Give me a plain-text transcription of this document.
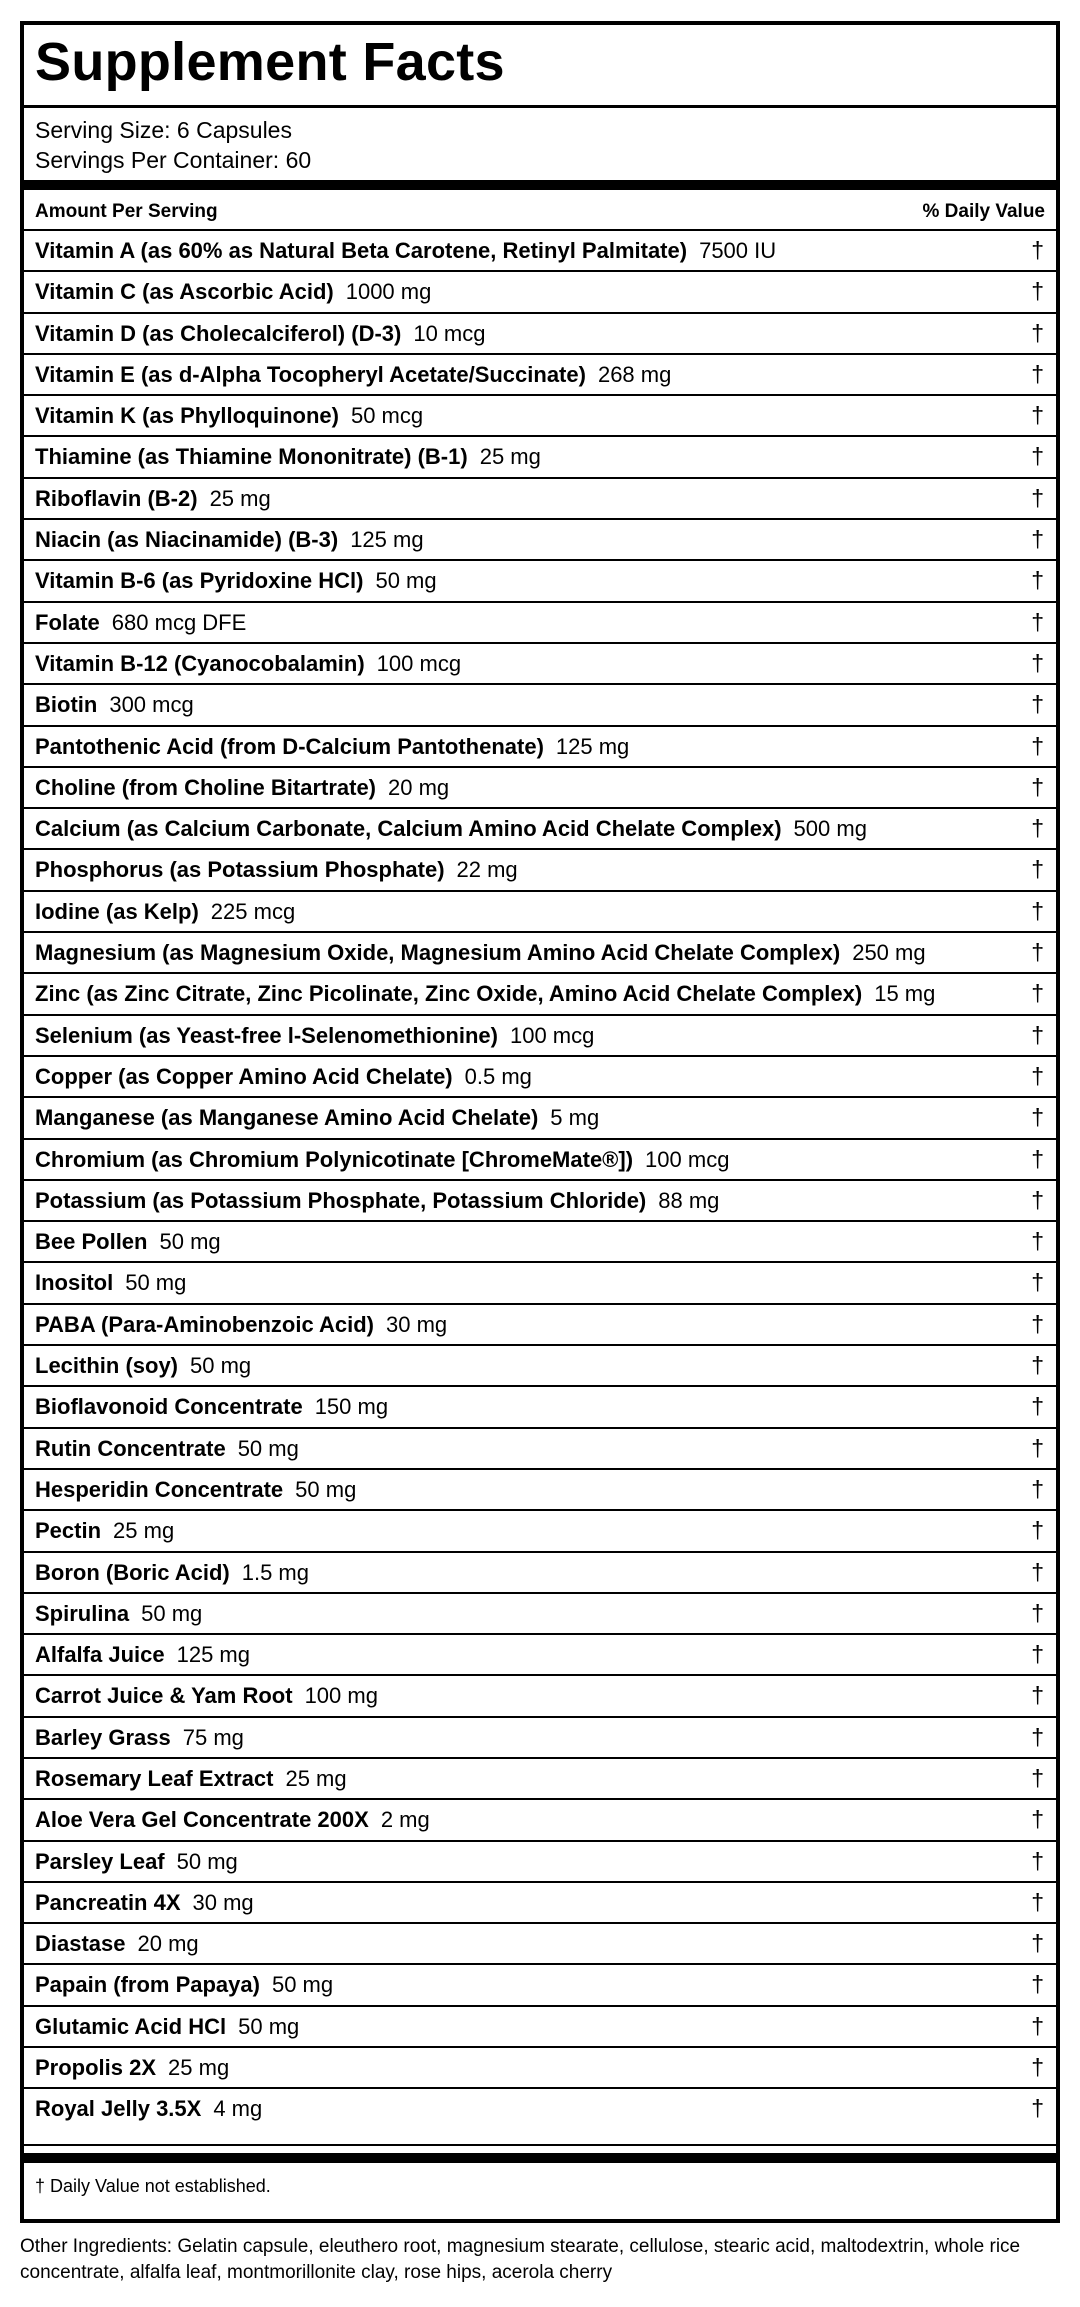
Supplement Facts
Serving Size: 6 Capsules
Servings Per Container: 60
Amount Per Serving	% Daily Value
Vitamin A (as 60% as Natural Beta Carotene, Retinyl Palmitate) 7500 IU	†
Vitamin C (as Ascorbic Acid) 1000 mg	†
Vitamin D (as Cholecalciferol) (D-3) 10 mcg	†
Vitamin E (as d-Alpha Tocopheryl Acetate/Succinate) 268 mg	†
Vitamin K (as Phylloquinone) 50 mcg	†
Thiamine (as Thiamine Mononitrate) (B-1) 25 mg	†
Riboflavin (B-2) 25 mg	†
Niacin (as Niacinamide) (B-3) 125 mg	†
Vitamin B-6 (as Pyridoxine HCl) 50 mg	†
Folate 680 mcg DFE	†
Vitamin B-12 (Cyanocobalamin) 100 mcg	†
Biotin 300 mcg	†
Pantothenic Acid (from D-Calcium Pantothenate) 125 mg	†
Choline (from Choline Bitartrate) 20 mg	†
Calcium (as Calcium Carbonate, Calcium Amino Acid Chelate Complex) 500 mg	†
Phosphorus (as Potassium Phosphate) 22 mg	†
Iodine (as Kelp) 225 mcg	†
Magnesium (as Magnesium Oxide, Magnesium Amino Acid Chelate Complex) 250 mg	†
Zinc (as Zinc Citrate, Zinc Picolinate, Zinc Oxide, Amino Acid Chelate Complex) 15 mg	†
Selenium (as Yeast-free l-Selenomethionine) 100 mcg	†
Copper (as Copper Amino Acid Chelate) 0.5 mg	†
Manganese (as Manganese Amino Acid Chelate) 5 mg	†
Chromium (as Chromium Polynicotinate [ChromeMate®]) 100 mcg	†
Potassium (as Potassium Phosphate, Potassium Chloride) 88 mg	†
Bee Pollen 50 mg	†
Inositol 50 mg	†
PABA (Para-Aminobenzoic Acid) 30 mg	†
Lecithin (soy) 50 mg	†
Bioflavonoid Concentrate 150 mg	†
Rutin Concentrate 50 mg	†
Hesperidin Concentrate 50 mg	†
Pectin 25 mg	†
Boron (Boric Acid) 1.5 mg	†
Spirulina 50 mg	†
Alfalfa Juice 125 mg	†
Carrot Juice & Yam Root 100 mg	†
Barley Grass 75 mg	†
Rosemary Leaf Extract 25 mg	†
Aloe Vera Gel Concentrate 200X 2 mg	†
Parsley Leaf 50 mg	†
Pancreatin 4X 30 mg	†
Diastase 20 mg	†
Papain (from Papaya) 50 mg	†
Glutamic Acid HCl 50 mg	†
Propolis 2X 25 mg	†
Royal Jelly 3.5X 4 mg	†
† Daily Value not established.
Other Ingredients: Gelatin capsule, eleuthero root, magnesium stearate, cellulose, stearic acid, maltodextrin, whole rice concentrate, alfalfa leaf, montmorillonite clay, rose hips, acerola cherry
